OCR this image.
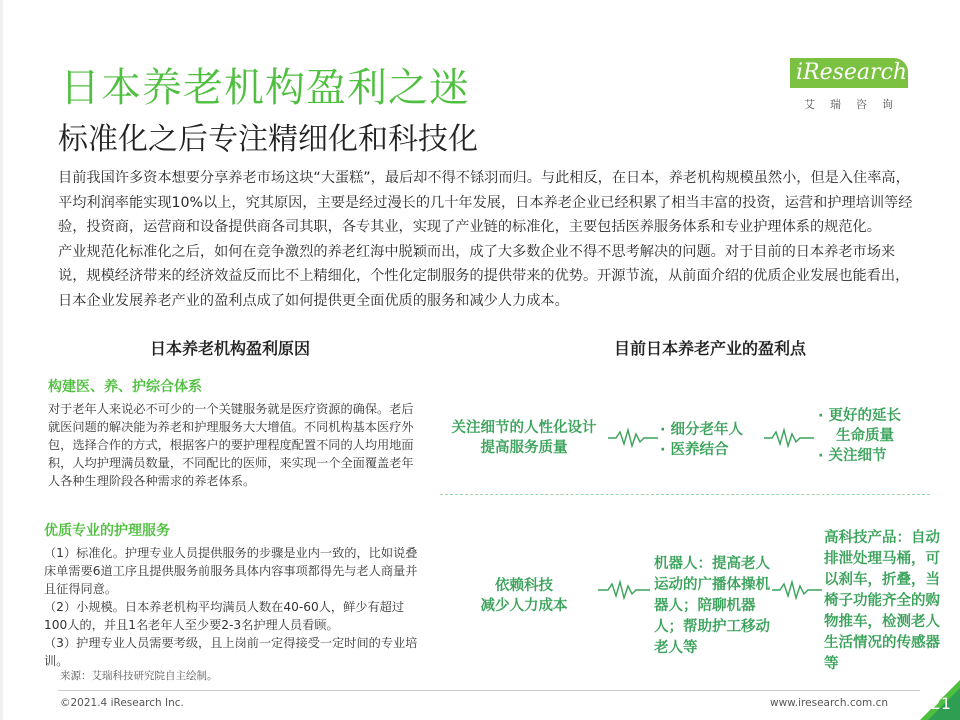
日本养老机构盈利之迷
标准化之后专注精细化和科技化
iResearch
艾瑞咨询

目前我国许多资本想要分享养老市场这块“大蛋糕”，最后却不得不铩羽而归。与此相反，在日本，养老机构规模虽然小，但是入住率高，平均利润率能实现10%以上，究其原因，主要是经过漫长的几十年发展，日本养老企业已经积累了相当丰富的投资，运营和护理培训等经验，投资商，运营商和设备提供商各司其职，各专其业，实现了产业链的标准化，主要包括医养服务体系和专业护理体系的规范化。

产业规范化标准化之后，如何在竞争激烈的养老红海中脱颖而出，成了大多数企业不得不思考解决的问题。对于目前的日本养老市场来说，规模经济带来的经济效益反而比不上精细化，个性化定制服务的提供带来的优势。开源节流，从前面介绍的优质企业发展也能看出，日本企业发展养老产业的盈利点成了如何提供更全面优质的服务和减少人力成本。

日本养老机构盈利原因
构建医、养、护综合体系
对于老年人来说必不可少的一个关键服务就是医疗资源的确保。老后就医问题的解决能为养老和护理服务大大增值。不同机构基本医疗外包，选择合作的方式，根据客户的要护理程度配置不同的人均用地面积，人均护理满员数量，不同配比的医师，来实现一个全面覆盖老年人各种生理阶段各种需求的养老体系。
优质专业的护理服务

（1）标准化。护理专业人员提供服务的步骤是业内一致的，比如说叠床单需要6道工序且提供服务前服务具体内容事项都得先与老人商量并且征得同意。

（2）小规模。日本养老机构平均满员人数在40-60人，鲜少有超过100人的，并且1名老年人至少要2-3名护理人员看顾。

（3）护理专业人员需要考级，且上岗前一定得接受一定时间的专业培训。

目前日本养老产业的盈利点
关注细节的人性化设计
提高服务质量
· 细分老年人
· 医养结合
· 更好的延长
生命质量
· 关注细节
依赖科技
减少人力成本
机器人：提高老人运动的广播体操机器人；陪聊机器人；帮助护工移动老人等
高科技产品：自动排泄处理马桶，可以刹车，折叠，当椅子功能齐全的购物推车，检测老人生活情况的传感器等
来源：艾瑞科技研究院自主绘制。
©2021.4 iResearch Inc.	www.iresearch.com.cn	21
